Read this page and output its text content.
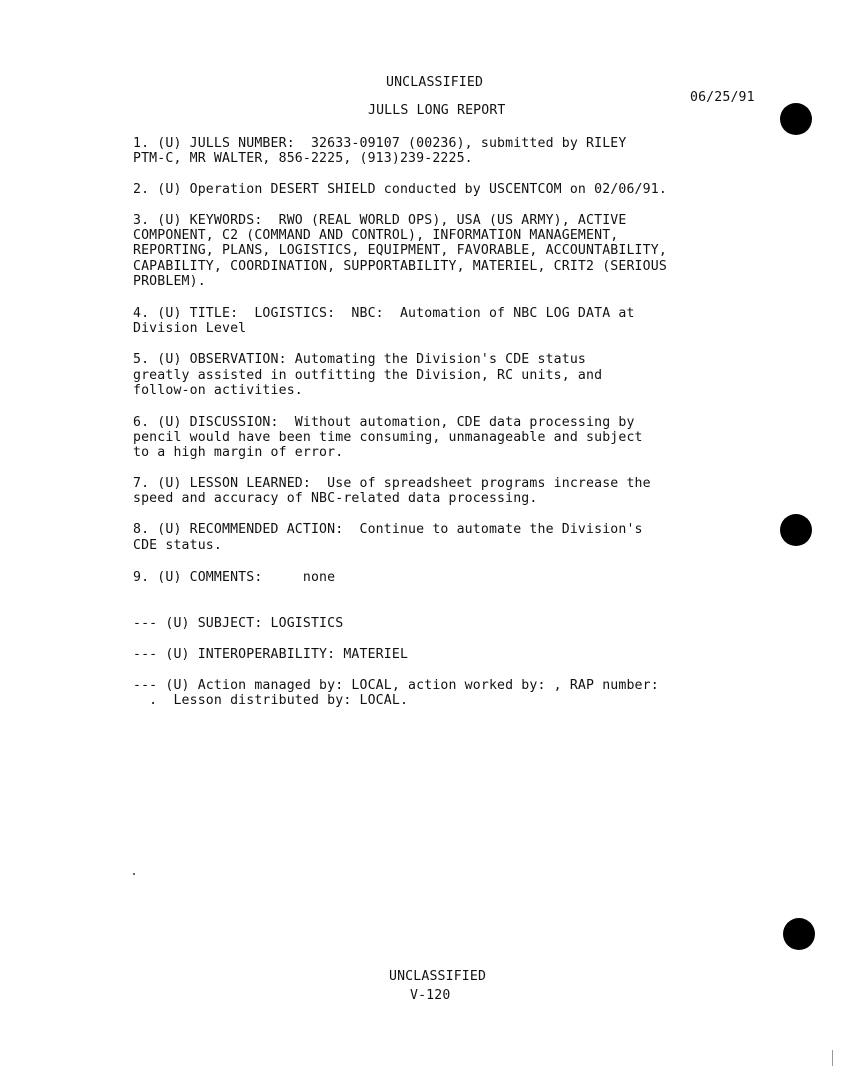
UNCLASSIFIED
06/25/91
JULLS LONG REPORT
1. (U) JULLS NUMBER:  32633-09107 (00236), submitted by RILEY
PTM-C, MR WALTER, 856-2225, (913)239-2225.
2. (U) Operation DESERT SHIELD conducted by USCENTCOM on 02/06/91.
3. (U) KEYWORDS:  RWO (REAL WORLD OPS), USA (US ARMY), ACTIVE
COMPONENT, C2 (COMMAND AND CONTROL), INFORMATION MANAGEMENT,
REPORTING, PLANS, LOGISTICS, EQUIPMENT, FAVORABLE, ACCOUNTABILITY,
CAPABILITY, COORDINATION, SUPPORTABILITY, MATERIEL, CRIT2 (SERIOUS
PROBLEM).
4. (U) TITLE:  LOGISTICS:  NBC:  Automation of NBC LOG DATA at
Division Level
5. (U) OBSERVATION: Automating the Division's CDE status
greatly assisted in outfitting the Division, RC units, and
follow-on activities.
6. (U) DISCUSSION:  Without automation, CDE data processing by
pencil would have been time consuming, unmanageable and subject
to a high margin of error.
7. (U) LESSON LEARNED:  Use of spreadsheet programs increase the
speed and accuracy of NBC-related data processing.
8. (U) RECOMMENDED ACTION:  Continue to automate the Division's
CDE status.
9. (U) COMMENTS:     none
--- (U) SUBJECT: LOGISTICS
--- (U) INTEROPERABILITY: MATERIEL
--- (U) Action managed by: LOCAL, action worked by: , RAP number:
.  Lesson distributed by: LOCAL.
UNCLASSIFIED
V-120
